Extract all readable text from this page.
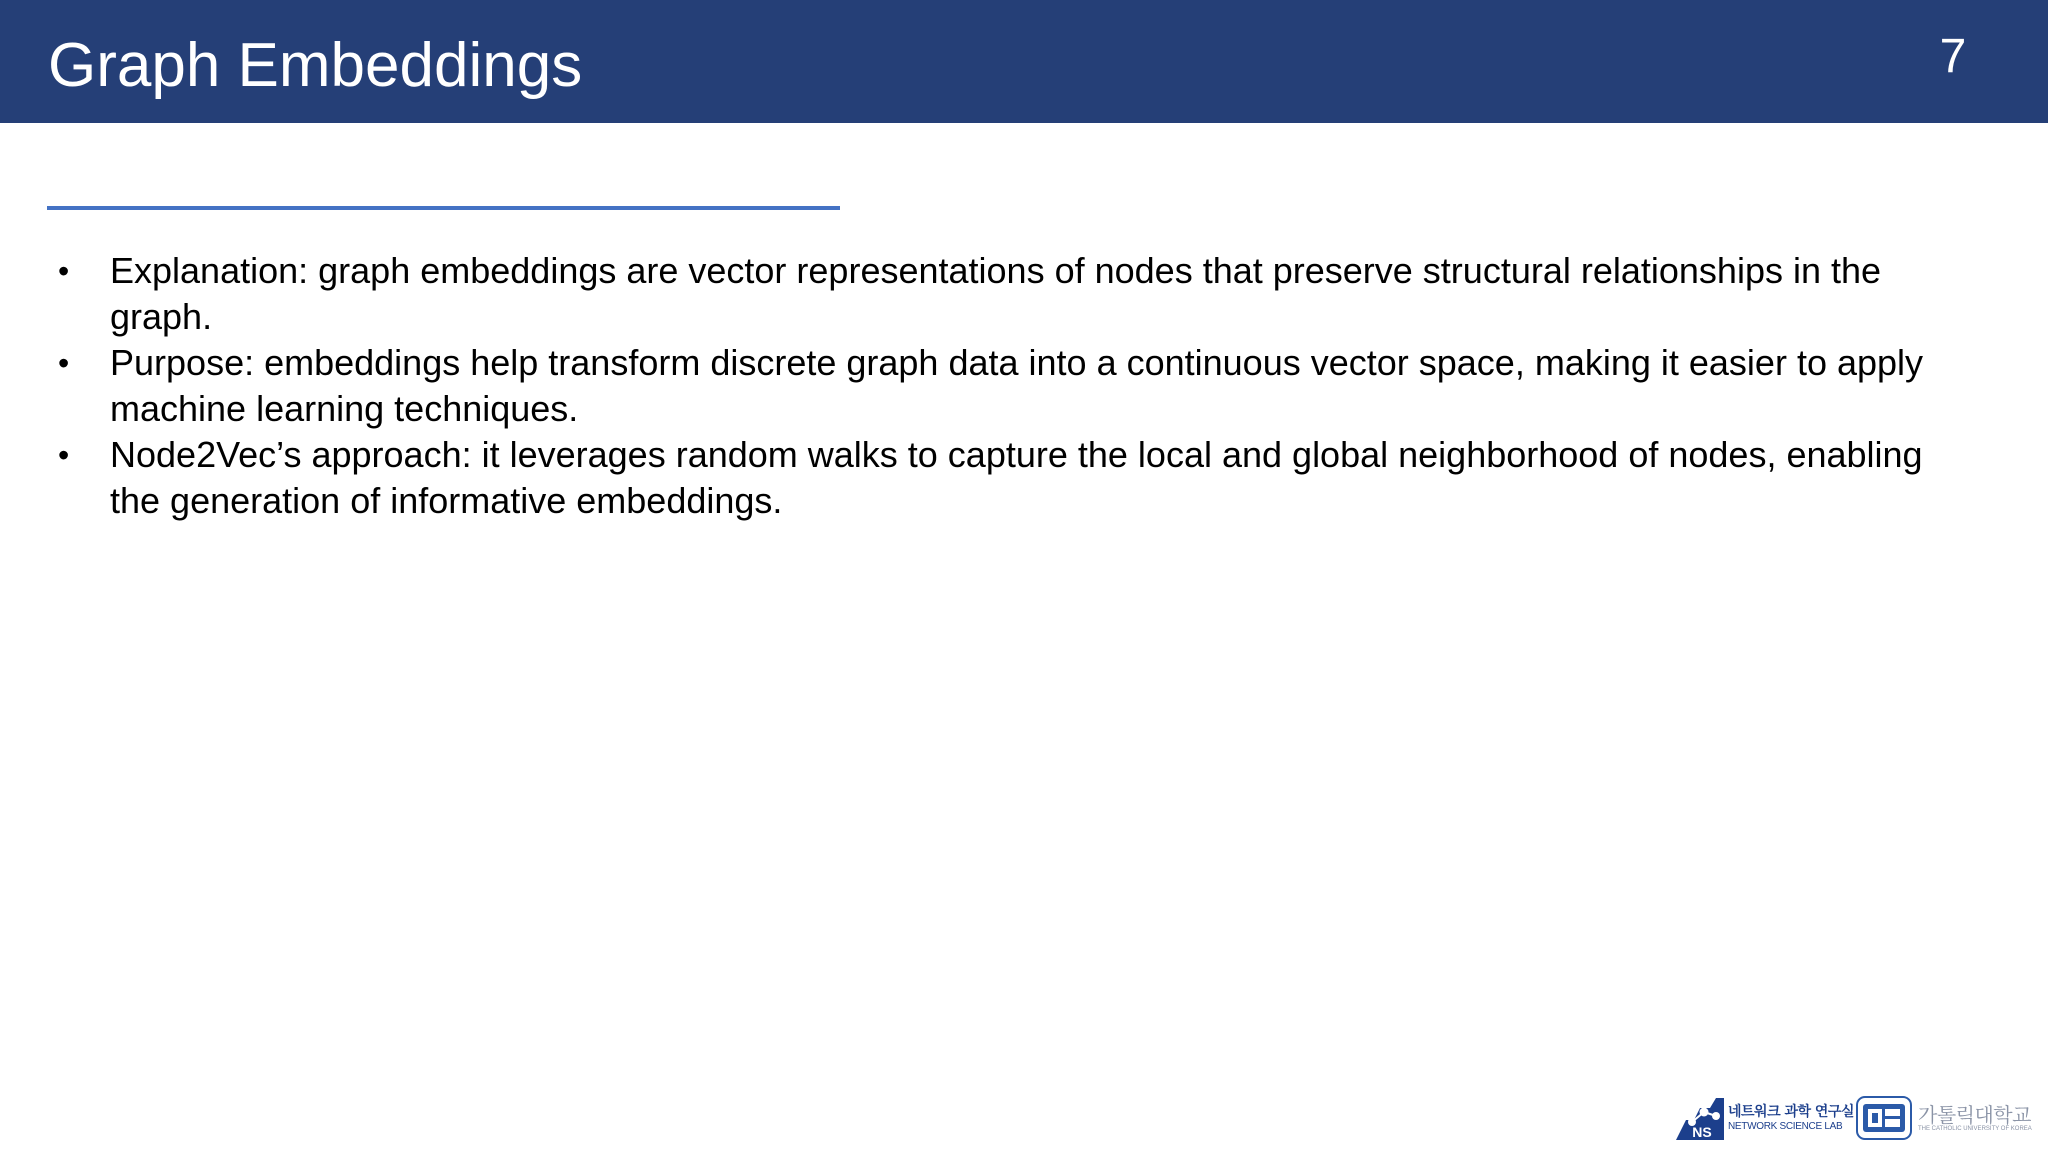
Graph Embeddings	7
• Explanation: graph embeddings are vector representations of nodes that preserve structural relationships in the graph.
• Purpose: embeddings help transform discrete graph data into a continuous vector space, making it easier to apply machine learning techniques.
• Node2Vec’s approach: it leverages random walks to capture the local and global neighborhood of nodes, enabling the generation of informative embeddings.
NS
네트워크 과학 연구실
NETWORK SCIENCE LAB	가톨릭대학교
THE CATHOLIC UNIVERSITY OF KOREA
